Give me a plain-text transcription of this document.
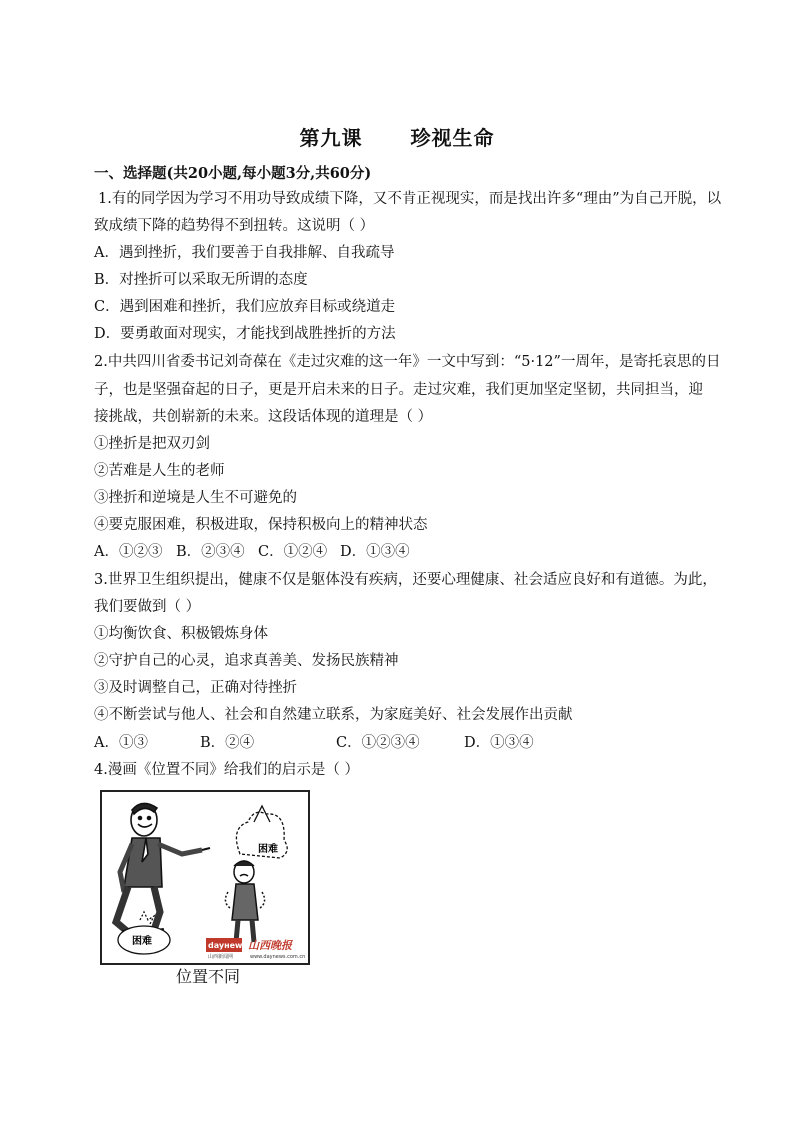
第九课 珍视生命
一、选择题(共20小题,每小题3分,共60分)
1.有的同学因为学习不用功导致成绩下降，又不肯正视现实，而是找出许多“理由”为自己开脱，以
致成绩下降的趋势得不到扭转。这说明（ ）
A．遇到挫折，我们要善于自我排解、自我疏导
B．对挫折可以采取无所谓的态度
C．遇到困难和挫折，我们应放弃目标或绕道走
D．要勇敢面对现实，才能找到战胜挫折的方法
2.中共四川省委书记刘奇葆在《走过灾难的这一年》一文中写到：“5·12”一周年，是寄托哀思的日
子，也是坚强奋起的日子，更是开启未来的日子。走过灾难，我们更加坚定坚韧，共同担当，迎
接挑战，共创崭新的未来。这段话体现的道理是（ ）
①挫折是把双刃剑
②苦难是人生的老师
③挫折和逆境是人生不可避免的
④要克服困难，积极进取，保持积极向上的精神状态
A．①②③ B．②③④ C．①②④ D．①③④
3.世界卫生组织提出，健康不仅是躯体没有疾病，还要心理健康、社会适应良好和有道德。为此，
我们要做到（ ）
①均衡饮食、积极锻炼身体
②守护自己的心灵，追求真善美、发扬民族精神
③及时调整自己，正确对待挫折
④不断尝试与他人、社会和自然建立联系，为家庭美好、社会发展作出贡献
A．①③	B．②④	C．①②③④	D．①③④
4.漫画《位置不同》给我们的启示是（ ）
困难
困难
dayнews
山西新闻网
山西晚报
www.daynews.com.cn
位置不同
